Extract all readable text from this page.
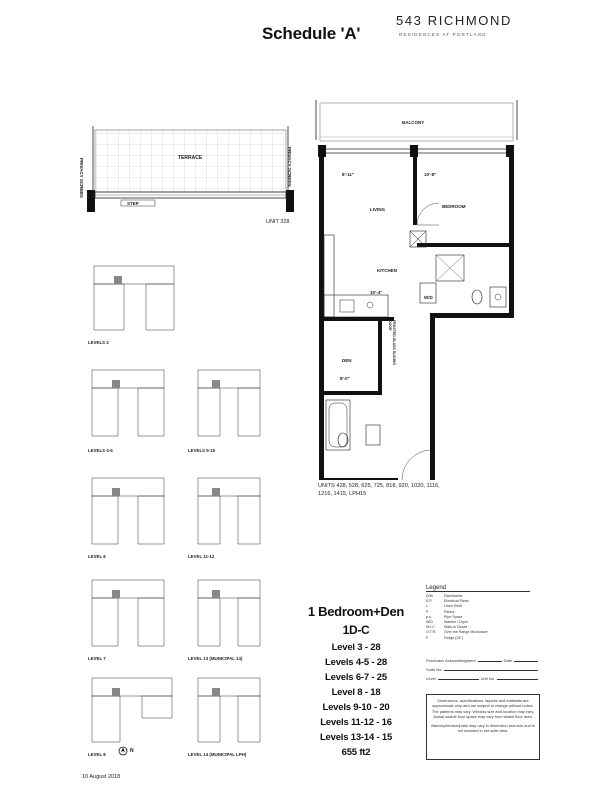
Schedule 'A'
543 RICHMOND
RESIDENCES AT PORTLAND
TERRACE
PRIVACY SCREEN	PRIVACY SCREEN
STEP
UNIT 328
BALCONY
8'-11"
LIVING
10'-8"
BEDROOM
KITCHEN
10'-4"
DEN
8'-0"
FROSTED GLASS SLIDING DOOR
W/D
UNITS 428, 528, 625, 725, 818, 920, 1020, 1116, 1216, 1415, LPH15
LEVELS 3
LEVELS 4-5	LEVELS 9-10
LEVEL 6	LEVEL 11-12
LEVEL 7	LEVEL 13 (MUNICIPAL 14)
LEVEL 8	LEVEL 14 (MUNICIPAL LPH)
N
1 Bedroom+Den
1D-C
Level 3 - 28
Levels 4-5 - 28
Levels 6-7 - 25
Level 8 - 18
Levels 9-10 - 20
Levels 11-12 - 16
Levels 13-14 - 15
655 ft2
Legend
D/W	Dishwasher
E.P.	Electrical Panel
L	Linen Shelf
P	Pantry
p.s.	Pipe Space
W/D	Washer / Dryer
W.I.C.	Walk-in Closet
O.T.R.	Over the Range Microwave
F	Fridge (24")
Purchaser Acknowledgment	Date
Suite No.
Level	Unit No.
Dimensions, specifications, layouts and materials are approximate only and are subject to change without notice. The patterns may vary. Window size and location may vary. Actual usable floor space may vary from stated floor area.
Balcony/terrace/patio may vary in dimension and size and is not included in net suite area.
10 August 2018
